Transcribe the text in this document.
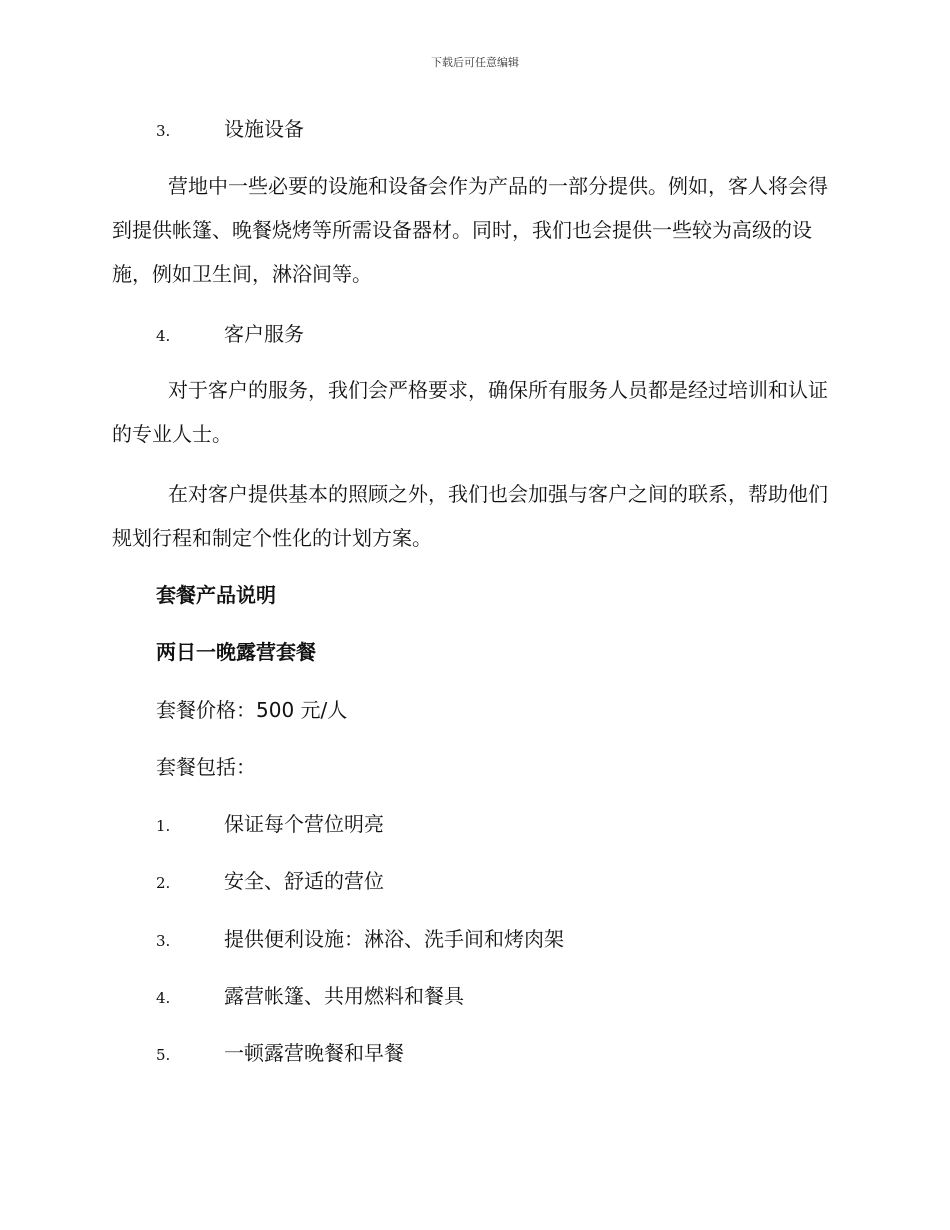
下载后可任意编辑
3.	设施设备
营地中一些必要的设施和设备会作为产品的一部分提供。例如，客人将会得到提供帐篷、晚餐烧烤等所需设备器材。同时，我们也会提供一些较为高级的设施，例如卫生间，淋浴间等。
4.	客户服务
对于客户的服务，我们会严格要求，确保所有服务人员都是经过培训和认证的专业人士。
在对客户提供基本的照顾之外，我们也会加强与客户之间的联系，帮助他们规划行程和制定个性化的计划方案。
套餐产品说明
两日一晚露营套餐
套餐价格：500 元/人
套餐包括：
1.	保证每个营位明亮
2.	安全、舒适的营位
3.	提供便利设施：淋浴、洗手间和烤肉架
4.	露营帐篷、共用燃料和餐具
5.	一顿露营晚餐和早餐
